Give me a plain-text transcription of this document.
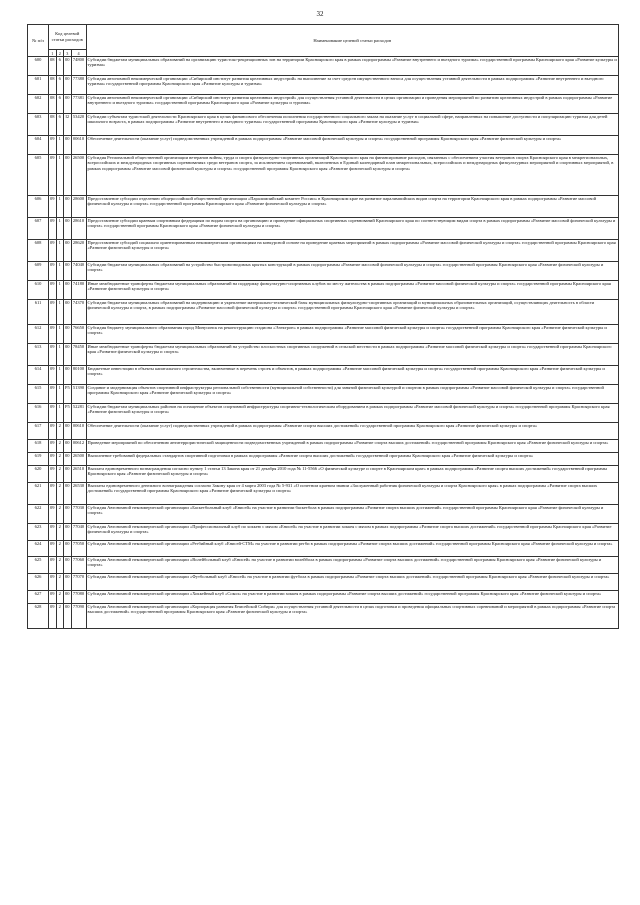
32
№ п/п	Код целевой статьи расходов				Наименование целевой статьи расходов
	1	2	3	4	
600	08	6	00	74800	Субсидии бюджетам муниципальных образований на организацию туристско-рекреационных зон на территории Красноярского края в рамках подпрограммы «Развитие внутреннего и въездного туризма» государственной программы Красноярского края «Развитие культуры и туризма»
601	08	6	00	77380	Субсидия автономной некоммерческой организации «Сибирский институт развития креативных индустрий» на выполнение за счет средств имущественного взноса для осуществления уставной деятельности в рамках подпрограммы «Развитие внутреннего и въездного туризма» государственной программы Красноярского края «Развитие культуры и туризма»
602	08	6	00	77381	Субсидия автономной некоммерческой организации «Сибирский институт развития креативных индустрий» для осуществления уставной деятельности в целях организации и проведения мероприятий по развитию креативных индустрий в рамках подпрограммы «Развитие внутреннего и въездного туризма» государственной программы Красноярского края «Развитие культуры и туризма»
603	08	6	I2	53420	Субсидии субъектам туристской деятельности Красноярского края в целях финансового обеспечения исполнения государственного социального заказа на оказание услуг в социальной сфере, направленных на повышение доступности и популяризацию туризма для детей школьного возраста, в рамках подпрограммы «Развитие внутреннего и въездного туризма» государственной программы Красноярского края «Развитие культуры и туризма»
604	09	1	00	00610	Обеспечение деятельности (оказание услуг) подведомственных учреждений в рамках подпрограммы «Развитие массовой физической культуры и спорта» государственной программы Красноярского края «Развитие физической культуры и спорта»
605	09	1	00	26500	Субсидия Региональной общественной организации ветеранов войны, труда и спорта физкультурно-спортивных организаций Красноярского края на финансирование расходов, связанных с обеспечением участия ветеранов спорта Красноярского края в межрегиональных, всероссийских и международных спортивных соревнованиях среди ветеранов спорта, за исключением соревнований, включенных в Единый календарный план межрегиональных, всероссийских и международных физкультурных мероприятий и спортивных мероприятий, в рамках подпрограммы «Развитие массовой физической культуры и спорта» государственной программы Красноярского края «Развитие физической культуры и спорта»
606	09	1	00	28600	Предоставление субсидии отделению общероссийской общественной организации «Паралимпийский комитет России» в Красноярском крае на развитие паралимпийских видов спорта на территории Красноярского края в рамках подпрограммы «Развитие массовой физической культуры и спорта» государственной программы Красноярского края «Развитие физической культуры и спорта»
607	09	1	00	28610	Предоставление субсидии краевым спортивным федерациям по видам спорта на организацию и проведение официальных спортивных соревнований Красноярского края по соответствующим видам спорта в рамках подпрограммы «Развитие массовой физической культуры и спорта» государственной программы Красноярского края «Развитие физической культуры и спорта»
608	09	1	00	28620	Предоставление субсидий социально ориентированным некоммерческим организациям на конкурсной основе на проведение краевых мероприятий в рамках подпрограммы «Развитие массовой физической культуры и спорта» государственной программы Красноярского края «Развитие физической культуры и спорта»
609	09	1	00	74040	Субсидии бюджетам муниципальных образований на устройство быстровозводимых крытых конструкций в рамках подпрограммы «Развитие массовой физической культуры и спорта» государственной программы Красноярского края «Развитие физической культуры и спорта»
610	09	1	00	74180	Иные межбюджетные трансферты бюджетам муниципальных образований на поддержку физкультурно-спортивных клубов по месту жительства в рамках подпрограммы «Развитие массовой физической культуры и спорта» государственной программы Красноярского края «Развитие физической культуры и спорта»
611	09	1	00	74370	Субсидии бюджетам муниципальных образований на модернизацию и укрепление материально-технической базы муниципальных физкультурно-спортивных организаций и муниципальных образовательных организаций, осуществляющих деятельность в области физической культуры и спорта, в рамках подпрограммы «Развитие массовой физической культуры и спорта» государственной программы Красноярского края «Развитие физической культуры и спорта»
612	09	1	00	76650	Субсидия бюджету муниципального образования город Минусинск на реконструкцию стадиона «Электрон» в рамках подпрограммы «Развитие массовой физической культуры и спорта» государственной программы Красноярского края «Развитие физической культуры и спорта»
613	09	1	00	78450	Иные межбюджетные трансферты бюджетам муниципальных образований на устройство плоскостных спортивных сооружений в сельской местности в рамках подпрограммы «Развитие массовой физической культуры и спорта» государственной программы Красноярского края «Развитие физической культуры и спорта»
614	09	1	00	80100	Бюджетные инвестиции в объекты капитального строительства, включенные в перечень строек и объектов, в рамках подпрограммы «Развитие массовой физической культуры и спорта» государственной программы Красноярского края «Развитие физической культуры и спорта»
615	09	1	P5	51390	Создание и модернизация объектов спортивной инфраструктуры региональной собственности (муниципальной собственности) для занятий физической культурой и спортом в рамках подпрограммы «Развитие массовой физической культуры и спорта» государственной программы Красноярского края «Развитие физической культуры и спорта»
616	09	1	P5	52281	Субсидии бюджетам муниципальных районов на оснащение объектов спортивной инфраструктуры спортивно-технологическим оборудованием в рамках подпрограммы «Развитие массовой физической культуры и спорта» государственной программы Красноярского края «Развитие физической культуры и спорта»
617	09	2	00	00610	Обеспечение деятельности (оказание услуг) подведомственных учреждений в рамках подпрограммы «Развитие спорта высших достижений» государственной программы Красноярского края «Развитие физической культуры и спорта»
618	09	2	00	00612	Проведение мероприятий по обеспечению антитеррористической защищенности подведомственных учреждений в рамках подпрограммы «Развитие спорта высших достижений» государственной программы Красноярского края «Развитие физической культуры и спорта»
619	09	2	00	26500	Выполнение требований федеральных стандартов спортивной подготовки в рамках подпрограммы «Развитие спорта высших достижений» государственной программы Красноярского края «Развитие физической культуры и спорта»
620	09	2	00	26510	Выплата единовременного вознаграждения согласно пункту 1 статьи 13 Закона края от 21 декабря 2010 года № 11-5566 «О физической культуре и спорте в Красноярском крае» в рамках подпрограммы «Развитие спорта высших достижений» государственной программы Красноярского края «Развитие физической культуры и спорта»
621	09	2	00	26530	Выплаты единовременного денежного вознаграждения согласно Закону края от 4 марта 2003 года № 5-931 «О почетном краевом звании «Заслуженный работник физической культуры и спорта Красноярского края» в рамках подпрограммы «Развитие спорта высших достижений» государственной программы Красноярского края «Развитие физической культуры и спорта»
622	09	2	00	77030	Субсидия Автономной некоммерческой организации «Баскетбольный клуб «Енисей» на участие в развитии баскетбола в рамках подпрограммы «Развитие спорта высших достижений» государственной программы Красноярского края «Развитие физической культуры и спорта»
623	09	2	00	77040	Субсидия Автономной некоммерческой организации «Профессиональный клуб по хоккею с мячом «Енисей» на участие в развитии хоккея с мячом в рамках подпрограммы «Развитие спорта высших достижений» государственной программы Красноярского края «Развитие физической культуры и спорта»
624	09	2	00	77050	Субсидия Автономной некоммерческой организации «Регбийный клуб «Енисей-СТМ» на участие в развитии регби в рамках подпрограммы «Развитие спорта высших достижений» государственной программы Красноярского края «Развитие физической культуры и спорта»
625	09	2	00	77060	Субсидия Автономной некоммерческой организации «Волейбольный клуб «Енисей» на участие в развитии волейбола в рамках подпрограммы «Развитие спорта высших достижений» государственной программы Красноярского края «Развитие физической культуры и спорта»
626	09	2	00	77070	Субсидия Автономной некоммерческой организации «Футбольный клуб «Енисей» на участие в развитии футбола в рамках подпрограммы «Развитие спорта высших достижений» государственной программы Красноярского края «Развитие физической культуры и спорта»
627	09	2	00	77080	Субсидия Автономной некоммерческой организации «Хоккейный клуб «Сокол» на участие в развитии хоккея в рамках подпрограммы «Развитие спорта высших достижений» государственной программы Красноярского края «Развитие физической культуры и спорта»
628	09	2	00	77090	Субсидия Автономной некоммерческой организации «Корпорация развития Енисейской Сибири» для осуществления уставной деятельности в целях подготовки и проведения официальных спортивных соревнований и мероприятий в рамках подпрограммы «Развитие спорта высших достижений» государственной программы Красноярского края «Развитие физической культуры и спорта»
